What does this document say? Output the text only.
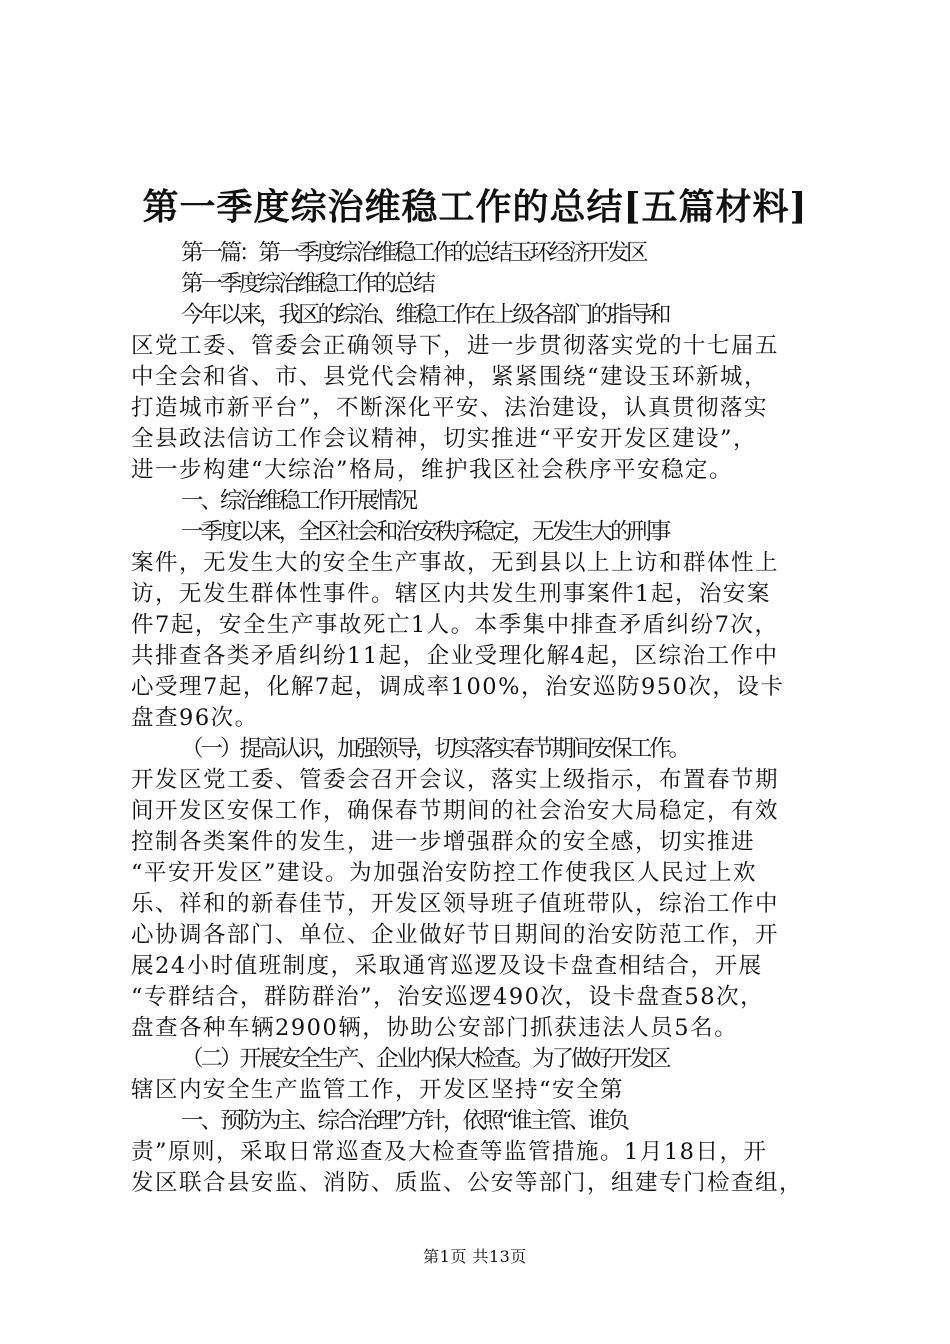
第一季度综治维稳工作的总结[五篇材料]
第一篇：第一季度综治维稳工作的总结玉环经济开发区
第一季度综治维稳工作的总结
今年以来，我区的综治、维稳工作在上级各部门的指导和
区党工委、管委会正确领导下，进一步贯彻落实党的十七届五
中全会和省、市、县党代会精神，紧紧围绕“建设玉环新城，
打造城市新平台”，不断深化平安、法治建设，认真贯彻落实
全县政法信访工作会议精神，切实推进“平安开发区建设”，
进一步构建“大综治”格局，维护我区社会秩序平安稳定。
一、综治维稳工作开展情况
一季度以来，全区社会和治安秩序稳定，无发生大的刑事
案件，无发生大的安全生产事故，无到县以上上访和群体性上
访，无发生群体性事件。辖区内共发生刑事案件1起，治安案
件7起，安全生产事故死亡1人。本季集中排查矛盾纠纷7次，
共排查各类矛盾纠纷11起，企业受理化解4起，区综治工作中
心受理7起，化解7起，调成率100%，治安巡防950次，设卡
盘查96次。
（一）提高认识，加强领导，切实落实春节期间安保工作。
开发区党工委、管委会召开会议，落实上级指示，布置春节期
间开发区安保工作，确保春节期间的社会治安大局稳定，有效
控制各类案件的发生，进一步增强群众的安全感，切实推进
“平安开发区”建设。为加强治安防控工作使我区人民过上欢
乐、祥和的新春佳节，开发区领导班子值班带队，综治工作中
心协调各部门、单位、企业做好节日期间的治安防范工作，开
展24小时值班制度，采取通宵巡逻及设卡盘查相结合，开展
“专群结合，群防群治”，治安巡逻490次，设卡盘查58次，
盘查各种车辆2900辆，协助公安部门抓获违法人员5名。
（二）开展安全生产、企业内保大检查。为了做好开发区
辖区内安全生产监管工作，开发区坚持“安全第
一、预防为主、综合治理”方针，依照“谁主管、谁负
责”原则，采取日常巡查及大检查等监管措施。1月18日，开
发区联合县安监、消防、质监、公安等部门，组建专门检查组，
第1页 共13页
